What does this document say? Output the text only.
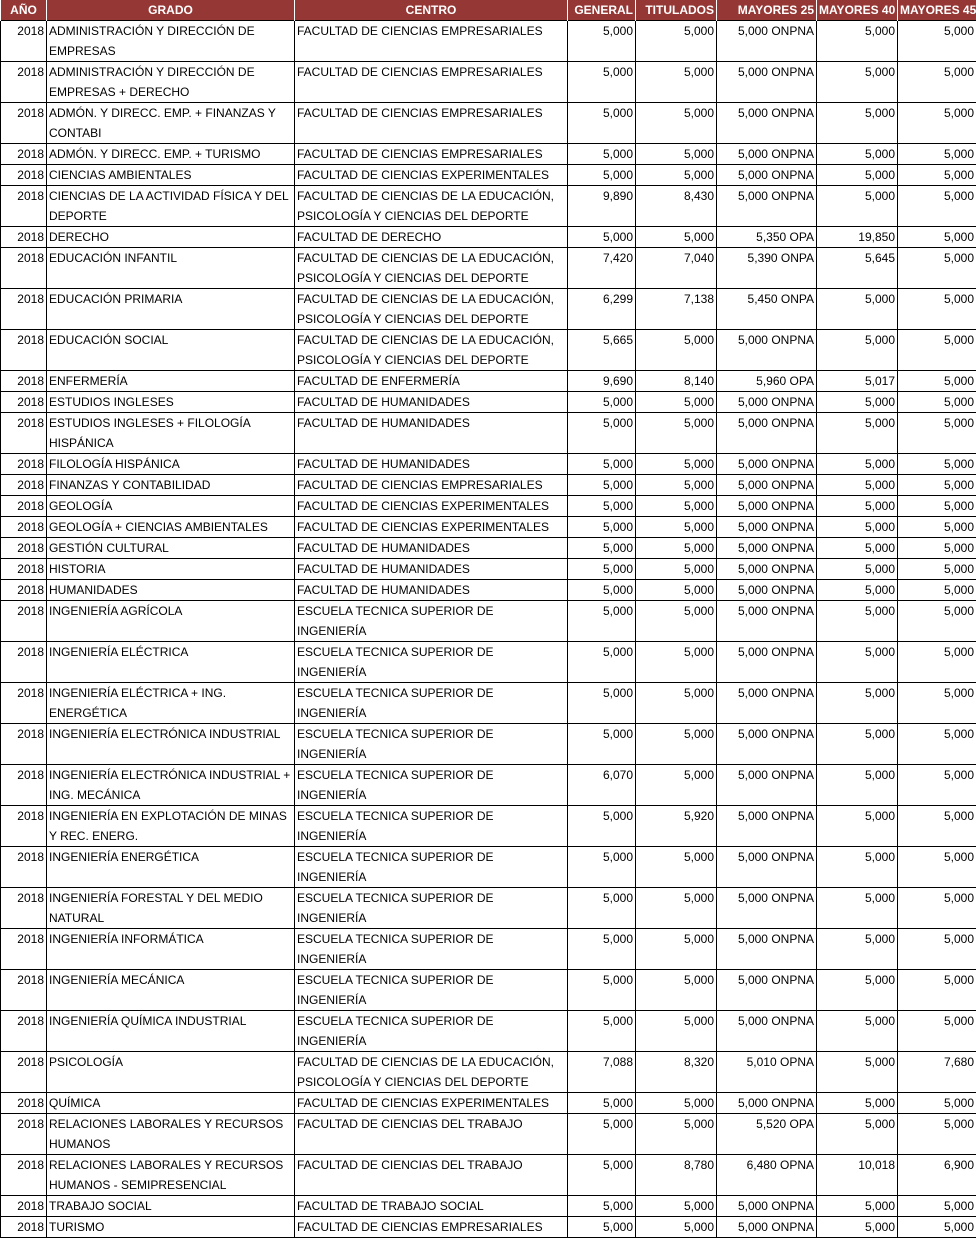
AÑO	GRADO	CENTRO	GENERAL	TITULADOS	MAYORES 25	MAYORES 40	MAYORES 45
2018	ADMINISTRACIÓN Y DIRECCIÓN DE EMPRESAS	FACULTAD DE CIENCIAS EMPRESARIALES	5,000	5,000	5,000 ONPNA	5,000	5,000
2018	ADMINISTRACIÓN Y DIRECCIÓN DE EMPRESAS + DERECHO	FACULTAD DE CIENCIAS EMPRESARIALES	5,000	5,000	5,000 ONPNA	5,000	5,000
2018	ADMÓN. Y DIRECC. EMP. + FINANZAS Y CONTABI	FACULTAD DE CIENCIAS EMPRESARIALES	5,000	5,000	5,000 ONPNA	5,000	5,000
2018	ADMÓN. Y DIRECC. EMP. + TURISMO	FACULTAD DE CIENCIAS EMPRESARIALES	5,000	5,000	5,000 ONPNA	5,000	5,000
2018	CIENCIAS AMBIENTALES	FACULTAD DE CIENCIAS EXPERIMENTALES	5,000	5,000	5,000 ONPNA	5,000	5,000
2018	CIENCIAS DE LA ACTIVIDAD FÍSICA Y DEL DEPORTE	FACULTAD DE CIENCIAS DE LA EDUCACIÓN, PSICOLOGÍA Y CIENCIAS DEL DEPORTE	9,890	8,430	5,000 ONPNA	5,000	5,000
2018	DERECHO	FACULTAD DE DERECHO	5,000	5,000	5,350 OPA	19,850	5,000
2018	EDUCACIÓN INFANTIL	FACULTAD DE CIENCIAS DE LA EDUCACIÓN, PSICOLOGÍA Y CIENCIAS DEL DEPORTE	7,420	7,040	5,390 ONPA	5,645	5,000
2018	EDUCACIÓN PRIMARIA	FACULTAD DE CIENCIAS DE LA EDUCACIÓN, PSICOLOGÍA Y CIENCIAS DEL DEPORTE	6,299	7,138	5,450 ONPA	5,000	5,000
2018	EDUCACIÓN SOCIAL	FACULTAD DE CIENCIAS DE LA EDUCACIÓN, PSICOLOGÍA Y CIENCIAS DEL DEPORTE	5,665	5,000	5,000 ONPNA	5,000	5,000
2018	ENFERMERÍA	FACULTAD DE ENFERMERÍA	9,690	8,140	5,960 OPA	5,017	5,000
2018	ESTUDIOS INGLESES	FACULTAD DE HUMANIDADES	5,000	5,000	5,000 ONPNA	5,000	5,000
2018	ESTUDIOS INGLESES + FILOLOGÍA HISPÁNICA	FACULTAD DE HUMANIDADES	5,000	5,000	5,000 ONPNA	5,000	5,000
2018	FILOLOGÍA HISPÁNICA	FACULTAD DE HUMANIDADES	5,000	5,000	5,000 ONPNA	5,000	5,000
2018	FINANZAS Y CONTABILIDAD	FACULTAD DE CIENCIAS EMPRESARIALES	5,000	5,000	5,000 ONPNA	5,000	5,000
2018	GEOLOGÍA	FACULTAD DE CIENCIAS EXPERIMENTALES	5,000	5,000	5,000 ONPNA	5,000	5,000
2018	GEOLOGÍA + CIENCIAS AMBIENTALES	FACULTAD DE CIENCIAS EXPERIMENTALES	5,000	5,000	5,000 ONPNA	5,000	5,000
2018	GESTIÓN CULTURAL	FACULTAD DE HUMANIDADES	5,000	5,000	5,000 ONPNA	5,000	5,000
2018	HISTORIA	FACULTAD DE HUMANIDADES	5,000	5,000	5,000 ONPNA	5,000	5,000
2018	HUMANIDADES	FACULTAD DE HUMANIDADES	5,000	5,000	5,000 ONPNA	5,000	5,000
2018	INGENIERÍA AGRÍCOLA	ESCUELA TECNICA SUPERIOR DE INGENIERÍA	5,000	5,000	5,000 ONPNA	5,000	5,000
2018	INGENIERÍA ELÉCTRICA	ESCUELA TECNICA SUPERIOR DE INGENIERÍA	5,000	5,000	5,000 ONPNA	5,000	5,000
2018	INGENIERÍA ELÉCTRICA + ING. ENERGÉTICA	ESCUELA TECNICA SUPERIOR DE INGENIERÍA	5,000	5,000	5,000 ONPNA	5,000	5,000
2018	INGENIERÍA ELECTRÓNICA INDUSTRIAL	ESCUELA TECNICA SUPERIOR DE INGENIERÍA	5,000	5,000	5,000 ONPNA	5,000	5,000
2018	INGENIERÍA ELECTRÓNICA INDUSTRIAL + ING. MECÁNICA	ESCUELA TECNICA SUPERIOR DE INGENIERÍA	6,070	5,000	5,000 ONPNA	5,000	5,000
2018	INGENIERÍA EN EXPLOTACIÓN DE MINAS Y REC. ENERG.	ESCUELA TECNICA SUPERIOR DE INGENIERÍA	5,000	5,920	5,000 ONPNA	5,000	5,000
2018	INGENIERÍA ENERGÉTICA	ESCUELA TECNICA SUPERIOR DE INGENIERÍA	5,000	5,000	5,000 ONPNA	5,000	5,000
2018	INGENIERÍA FORESTAL Y DEL MEDIO NATURAL	ESCUELA TECNICA SUPERIOR DE INGENIERÍA	5,000	5,000	5,000 ONPNA	5,000	5,000
2018	INGENIERÍA INFORMÁTICA	ESCUELA TECNICA SUPERIOR DE INGENIERÍA	5,000	5,000	5,000 ONPNA	5,000	5,000
2018	INGENIERÍA MECÁNICA	ESCUELA TECNICA SUPERIOR DE INGENIERÍA	5,000	5,000	5,000 ONPNA	5,000	5,000
2018	INGENIERÍA QUÍMICA INDUSTRIAL	ESCUELA TECNICA SUPERIOR DE INGENIERÍA	5,000	5,000	5,000 ONPNA	5,000	5,000
2018	PSICOLOGÍA	FACULTAD DE CIENCIAS DE LA EDUCACIÓN, PSICOLOGÍA Y CIENCIAS DEL DEPORTE	7,088	8,320	5,010 OPNA	5,000	7,680
2018	QUÍMICA	FACULTAD DE CIENCIAS EXPERIMENTALES	5,000	5,000	5,000 ONPNA	5,000	5,000
2018	RELACIONES LABORALES Y RECURSOS HUMANOS	FACULTAD DE CIENCIAS DEL TRABAJO	5,000	5,000	5,520 OPA	5,000	5,000
2018	RELACIONES LABORALES Y RECURSOS HUMANOS - SEMIPRESENCIAL	FACULTAD DE CIENCIAS DEL TRABAJO	5,000	8,780	6,480 OPNA	10,018	6,900
2018	TRABAJO SOCIAL	FACULTAD DE TRABAJO SOCIAL	5,000	5,000	5,000 ONPNA	5,000	5,000
2018	TURISMO	FACULTAD DE CIENCIAS EMPRESARIALES	5,000	5,000	5,000 ONPNA	5,000	5,000
